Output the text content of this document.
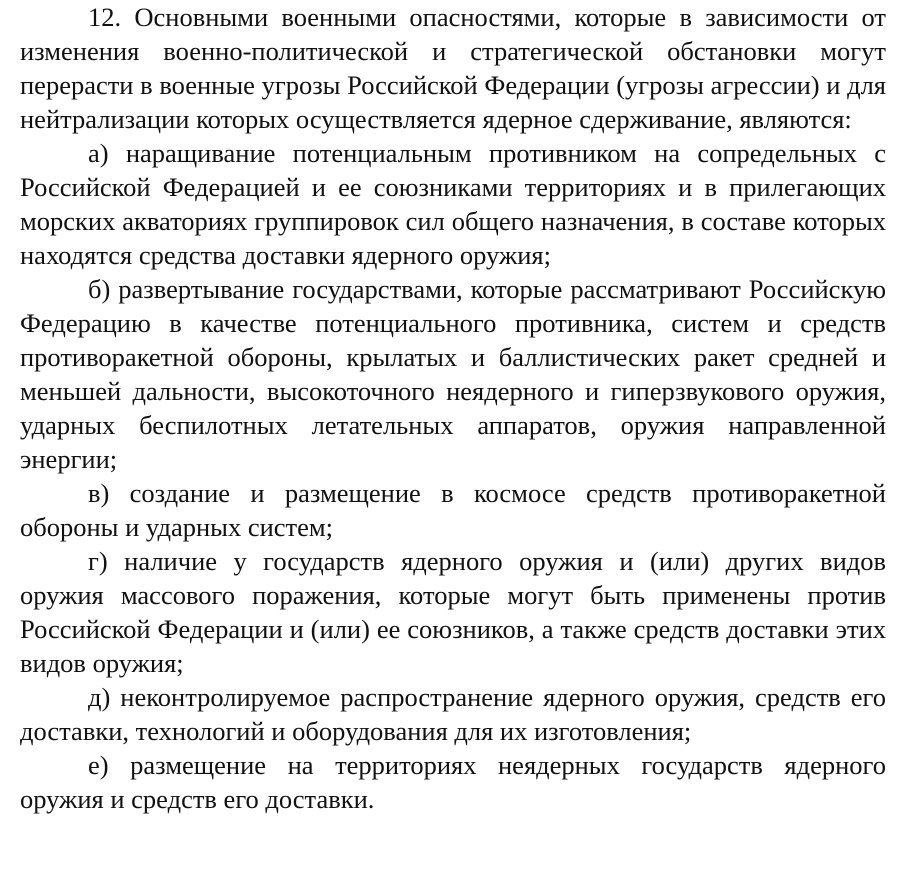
12. Основными военными опасностями, которые в зависимости от изменения военно-политической и стратегической обстановки могут перерасти в военные угрозы Российской Федерации (угрозы агрессии) и для нейтрализации которых осуществляется ядерное сдерживание, являются:

а) наращивание потенциальным противником на сопредельных с Российской Федерацией и ее союзниками территориях и в прилегающих морских акваториях группировок сил общего назначения, в составе которых находятся средства доставки ядерного оружия;

б) развертывание государствами, которые рассматривают Российскую Федерацию в качестве потенциального противника, систем и средств противоракетной обороны, крылатых и баллистических ракет средней и меньшей дальности, высокоточного неядерного и гиперзвукового оружия, ударных беспилотных летательных аппаратов, оружия направленной энергии;

в) создание и размещение в космосе средств противоракетной обороны и ударных систем;

г) наличие у государств ядерного оружия и (или) других видов оружия массового поражения, которые могут быть применены против Российской Федерации и (или) ее союзников, а также средств доставки этих видов оружия;

д) неконтролируемое распространение ядерного оружия, средств его доставки, технологий и оборудования для их изготовления;

е) размещение на территориях неядерных государств ядерного оружия и средств его доставки.
